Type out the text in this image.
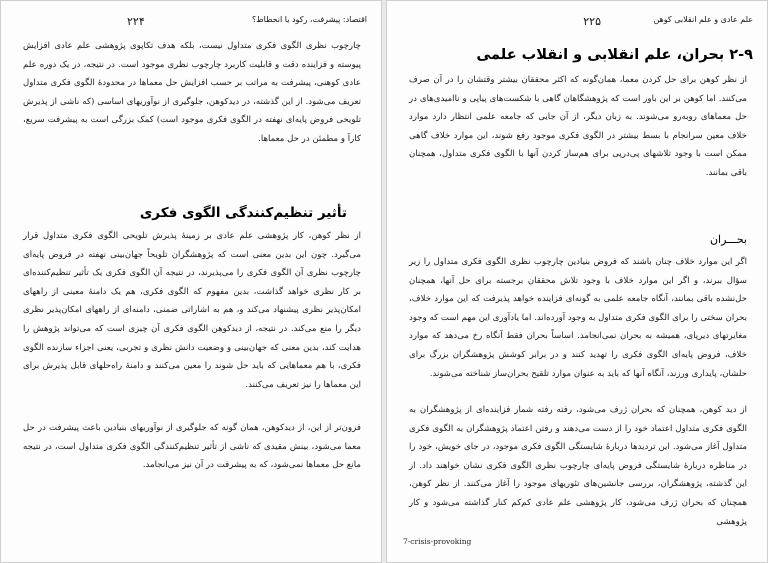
۲۲۴	اقتصاد: پیشرفت، رکود یا انحطاط؟

چارچوب نظری الگوی فکری متداول نیست، بلکه هدف تکاپوی پژوهشی علم عادی افزایش پیوسته و فزاینده‌ دقت و قابلیت کاربرد چارچوب نظری موجود است. در نتیجه، در یک دوره علم عادی کوهنی، پیشرفت به مراتب بر حسب افزایش حل معماها در محدودهٔ الگوی فکری متداول تعریف می‌شود. از این گذشته، در دیدکوهن، جلوگیری از نوآوریهای اساسی (که ناشی از پذیرش تلویحی فروض پایه‌ای نهفته در الگوی فکری موجود است) کمک بزرگی است به پیشرفت سریع، کارآ و مطمئن در حل معماها.

تأثیر تنظیم‌کنندگی الگوی فکری

از نظر کوهن، کار پژوهشی علم عادی بر زمینهٔ پذیرش تلویحی الگوی فکری متداول قرار می‌گیرد. چون این بدین معنی است که پژوهشگران تلویحاً جهان‌بینی نهفته در فروض پایه‌ای چارچوب نظری آن الگوی فکری را می‌پذیرند، در نتیجه آن الگوی فکری یک تأثیر تنظیم‌کننده‌ای بر کار نظری خواهد گذاشت، بدین مفهوم که الگوی فکری، هم یک دامنهٔ معینی از راههای امکان‌پذیر نظری پیشنهاد می‌کند و، هم به اشاراتی ضمنی، دامنه‌ای از راههای امکان‌پذیر نظری دیگر را منع می‌کند. در نتیجه، از دیدکوهن الگوی فکری آن چیزی است که می‌تواند پژوهش را هدایت کند، بدین معنی که جهان‌بینی و وضعیت دانش نظری و تجربی، یعنی اجزاء سازنده الگوی فکری، با هم معماهایی که باید حل شوند را معین می‌کنند و دامنهٔ راه‌حلهای قابل پذیرش برای این معماها را نیز تعریف می‌کنند.

فزون‌تر از این، از دیدکوهن، همان گونه که جلوگیری از نوآوریهای بنیادین باعث پیشرفت در حل معما می‌شود، بینش مقیدی که ناشی از تأثیر تنظیم‌کنندگی الگوی فکری متداول است، در نتیجه مانع حل معماها نمی‌شود، که به پیشرفت در آن نیز می‌انجامد.

۲۲۵	علم عادی و علم انقلابی کوهن
۲-۹ بحران، علم انقلابی و انقلاب علمی

از نظر کوهن برای حل کردن معما، همان‌گونه که اکثر محققان بیشتر وقتشان را در آن صرف می‌کنند. اما کوهن بر این باور است که پژوهشگاهان گاهی با شکست‌های پیاپی و ناامیدی‌های در حل معماهای روبه‌رو می‌شوند. به زبان دیگر، از آن جایی که جامعه علمی انتظار دارد موارد خلاف معین سرانجام با بسط بیشتر در الگوی فکری موجود رفع شوند، این موارد خلاف گاهی ممکن است با وجود تلاشهای پی‌درپی برای هم‌ساز کردن آنها با الگوی فکری متداول، همچنان باقی بمانند.

بحـــران

اگر این موارد خلاف چنان باشند که فروض بنیادین چارچوب نظری الگوی فکری متداول را زیر سؤال ببرند، و اگر این موارد خلاف با وجود تلاش محققان برجسته برای حل آنها، همچنان حل‌نشده باقی بمانند، آنگاه جامعه علمی به گونه‌ای فزاینده خواهد پذیرفت که این موارد خلاف، بحران سختی را برای الگوی فکری متداول به وجود آورده‌اند. اما یادآوری این مهم است که وجود مغایرتهای دیرپای، همیشه به بحران نمی‌انجامد. اساساً بحران فقط آنگاه رخ می‌دهد که موارد خلاف، فروض پایه‌ای الگوی فکری را تهدید کنند و در برابر کوشش پژوهشگران بزرگ برای حلشان، پایداری ورزند، آنگاه آنها که باید به عنوان موارد تلقیح بحران‌ساز شناخته می‌شوند.

از دید کوهن، همچنان که بحران ژرف می‌شود، رفته رفته شمار فزاینده‌ای از پژوهشگران به الگوی فکری متداول اعتماد خود را از دست می‌دهند و رفتن اعتماد پژوهشگران به الگوی فکری متداول آغاز می‌شود. این تردیدها دربارهٔ شایستگی الگوی فکری موجود، در جای خویش، خود را در مناظره دربارهٔ شایستگی فروض پایه‌ای چارچوب نظری الگوی فکری نشان خواهند داد. از این گذشته، پژوهشگران، بررسی جانشین‌های تئوریهای موجود را آغاز می‌کنند. از نظر کوهن، همچنان که بحران ژرف می‌شود، کار پژوهشی علم عادی کم‌کم کنار گذاشته می‌شود و کار پژوهشی

7-crisis-provoking
